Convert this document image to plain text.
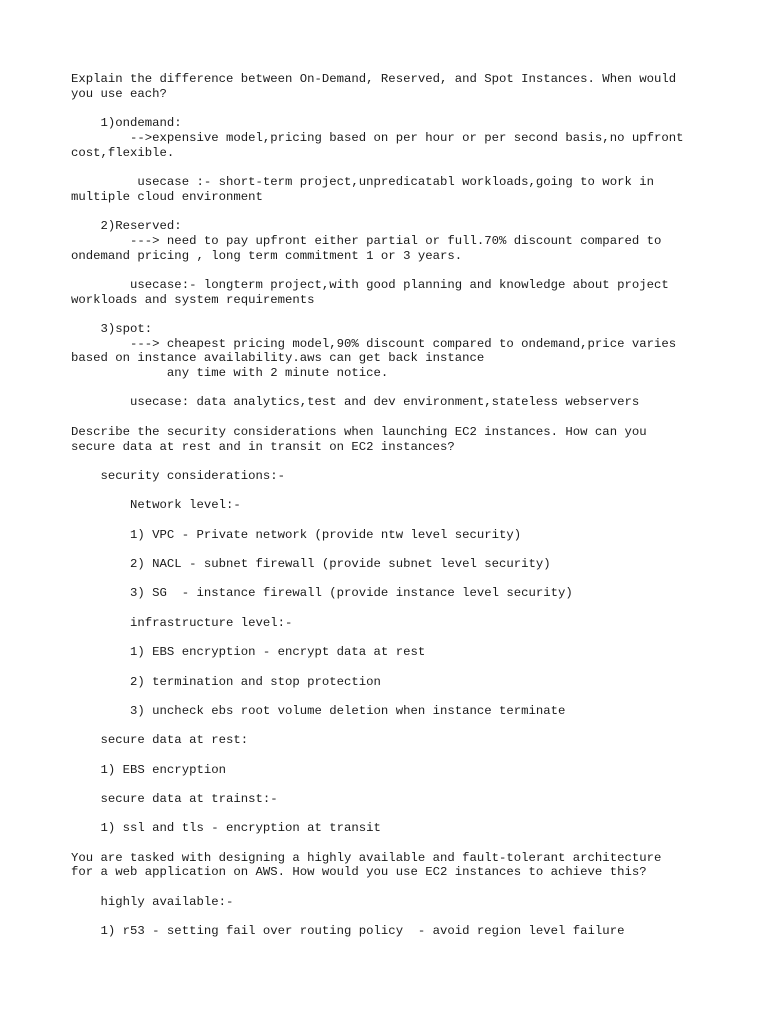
Explain the difference between On-Demand, Reserved, and Spot Instances. When would

you use each?

1)ondemand:

-->expensive model,pricing based on per hour or per second basis,no upfront

cost,flexible.

usecase :- short-term project,unpredicatabl workloads,going to work in

multiple cloud environment

2)Reserved:

---> need to pay upfront either partial or full.70% discount compared to

ondemand pricing , long term commitment 1 or 3 years.

usecase:- longterm project,with good planning and knowledge about project

workloads and system requirements

3)spot:

---> cheapest pricing model,90% discount compared to ondemand,price varies

based on instance availability.aws can get back instance

any time with 2 minute notice.

usecase: data analytics,test and dev environment,stateless webservers

Describe the security considerations when launching EC2 instances. How can you

secure data at rest and in transit on EC2 instances?

security considerations:-

Network level:-

1) VPC - Private network (provide ntw level security)

2) NACL - subnet firewall (provide subnet level security)

3) SG  - instance firewall (provide instance level security)

infrastructure level:-

1) EBS encryption - encrypt data at rest

2) termination and stop protection

3) uncheck ebs root volume deletion when instance terminate

secure data at rest:

1) EBS encryption

secure data at trainst:-

1) ssl and tls - encryption at transit

You are tasked with designing a highly available and fault-tolerant architecture

for a web application on AWS. How would you use EC2 instances to achieve this?

highly available:-

1) r53 - setting fail over routing policy  - avoid region level failure
